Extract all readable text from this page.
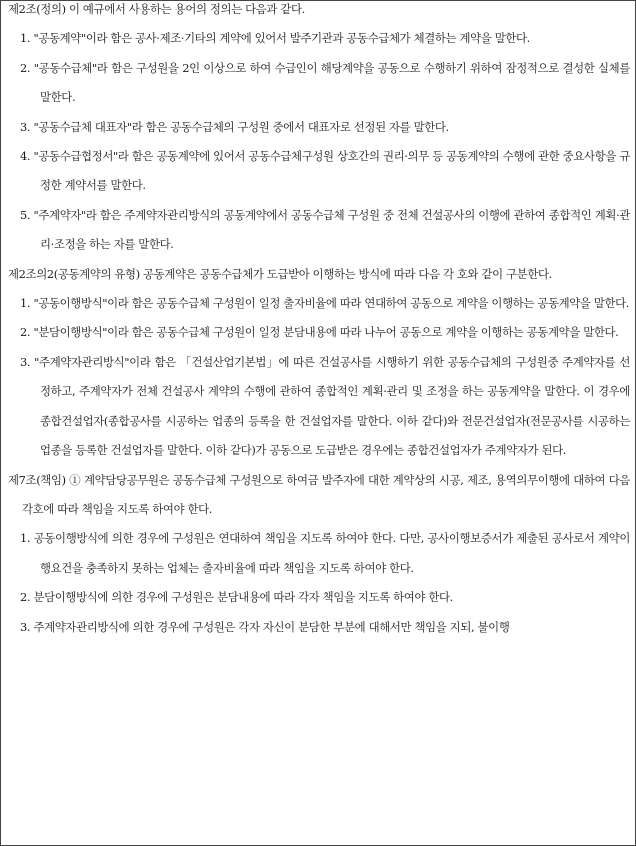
제2조(정의) 이 예규에서 사용하는 용어의 정의는 다음과 같다.

1. "공동계약"이라 함은 공사·제조·기타의 계약에 있어서 발주기관과 공동수급체가 체결하는 계약을 말한다.

2. "공동수급체"라 함은 구성원을 2인 이상으로 하여 수급인이 해당계약을 공동으로 수행하기 위하여 잠정적으로 결성한 실체를 말한다.

3. "공동수급체 대표자"라 함은 공동수급체의 구성원 중에서 대표자로 선정된 자를 말한다.

4. "공동수급협정서"라 함은 공동계약에 있어서 공동수급체구성원 상호간의 권리·의무 등 공동계약의 수행에 관한 중요사항을 규정한 계약서를 말한다.

5. "주계약자"라 함은 주계약자관리방식의 공동계약에서 공동수급체 구성원 중 전체 건설공사의 이행에 관하여 종합적인 계획·관리·조정을 하는 자를 말한다.

제2조의2(공동계약의 유형) 공동계약은 공동수급체가 도급받아 이행하는 방식에 따라 다음 각 호와 같이 구분한다.

1. "공동이행방식"이라 함은 공동수급체 구성원이 일정 출자비율에 따라 연대하여 공동으로 계약을 이행하는 공동계약을 말한다.

2. "분담이행방식"이라 함은 공동수급체 구성원이 일정 분담내용에 따라 나누어 공동으로 계약을 이행하는 공동계약을 말한다.

3. "주계약자관리방식"이라 함은 「건설산업기본법」에 따른 건설공사를 시행하기 위한 공동수급체의 구성원중 주계약자를 선정하고, 주계약자가 전체 건설공사 계약의 수행에 관하여 종합적인 계획·관리 및 조정을 하는 공동계약을 말한다. 이 경우에 종합건설업자(종합공사를 시공하는 업종의 등록을 한 건설업자를 말한다. 이하 같다)와 전문건설업자(전문공사를 시공하는 업종을 등록한 건설업자를 말한다. 이하 같다)가 공동으로 도급받은 경우에는 종합건설업자가 주계약자가 된다.

제7조(책임) ① 계약담당공무원은 공동수급체 구성원으로 하여금 발주자에 대한 계약상의 시공, 제조, 용역의무이행에 대하여 다음 각호에 따라 책임을 지도록 하여야 한다.

1. 공동이행방식에 의한 경우에 구성원은 연대하여 책임을 지도록 하여야 한다. 다만, 공사이행보증서가 제출된 공사로서 계약이행요건을 충족하지 못하는 업체는 출자비율에 따라 책임을 지도록 하여야 한다.

2. 분담이행방식에 의한 경우에 구성원은 분담내용에 따라 각자 책임을 지도록 하여야 한다.

3. 주계약자관리방식에 의한 경우에 구성원은 각자 자신이 분담한 부분에 대해서만 책임을 지되, 불이행
